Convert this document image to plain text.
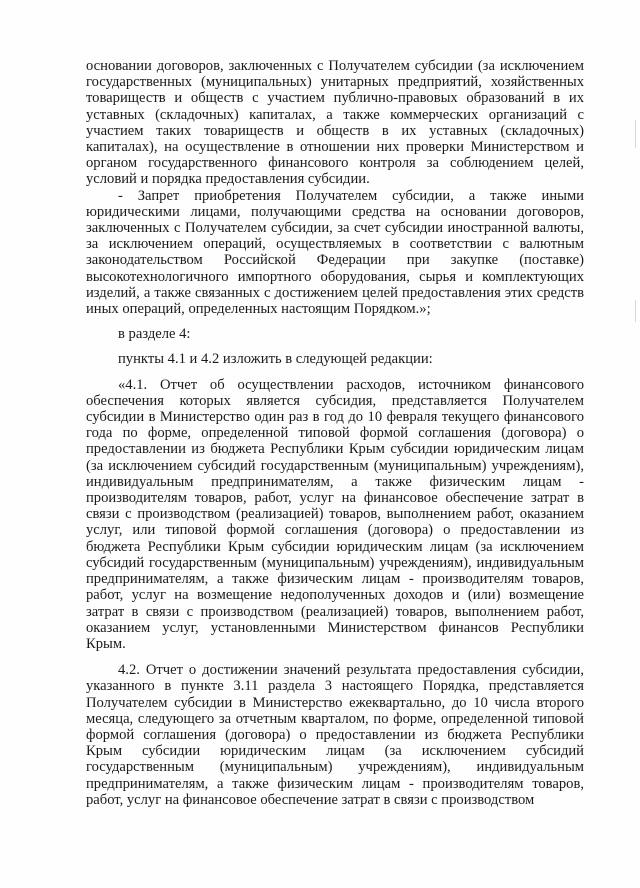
основании договоров, заключенных с Получателем субсидии (за исключением государственных (муниципальных) унитарных предприятий, хозяйственных товариществ и обществ с участием публично-правовых образований в их уставных (складочных) капиталах, а также коммерческих организаций с участием таких товариществ и обществ в их уставных (складочных) капиталах), на осуществление в отношении них проверки Министерством и органом государственного финансового контроля за соблюдением целей, условий и порядка предоставления субсидии.

- Запрет приобретения Получателем субсидии, а также иными юридическими лицами, получающими средства на основании договоров, заключенных с Получателем субсидии, за счет субсидии иностранной валюты, за исключением операций, осуществляемых в соответствии с валютным законодательством Российской Федерации при закупке (поставке) высокотехнологичного импортного оборудования, сырья и комплектующих изделий, а также связанных с достижением целей предоставления этих средств иных операций, определенных настоящим Порядком.»;

в разделе 4:

пункты 4.1 и 4.2 изложить в следующей редакции:

«4.1. Отчет об осуществлении расходов, источником финансового обеспечения которых является субсидия, представляется Получателем субсидии в Министерство один раз в год до 10 февраля текущего финансового года по форме, определенной типовой формой соглашения (договора) о предоставлении из бюджета Республики Крым субсидии юридическим лицам (за исключением субсидий государственным (муниципальным) учреждениям), индивидуальным предпринимателям, а также физическим лицам - производителям товаров, работ, услуг на финансовое обеспечение затрат в связи с производством (реализацией) товаров, выполнением работ, оказанием услуг, или типовой формой соглашения (договора) о предоставлении из бюджета Республики Крым субсидии юридическим лицам (за исключением субсидий государственным (муниципальным) учреждениям), индивидуальным предпринимателям, а также физическим лицам - производителям товаров, работ, услуг на возмещение недополученных доходов и (или) возмещение затрат в связи с производством (реализацией) товаров, выполнением работ, оказанием услуг, установленными Министерством финансов Республики Крым.

4.2. Отчет о достижении значений результата предоставления субсидии, указанного в пункте 3.11 раздела 3 настоящего Порядка, представляется Получателем субсидии в Министерство ежеквартально, до 10 числа второго месяца, следующего за отчетным кварталом, по форме, определенной типовой формой соглашения (договора) о предоставлении из бюджета Республики Крым субсидии юридическим лицам (за исключением субсидий государственным (муниципальным) учреждениям), индивидуальным предпринимателям, а также физическим лицам - производителям товаров, работ, услуг на финансовое обеспечение затрат в связи с производством
